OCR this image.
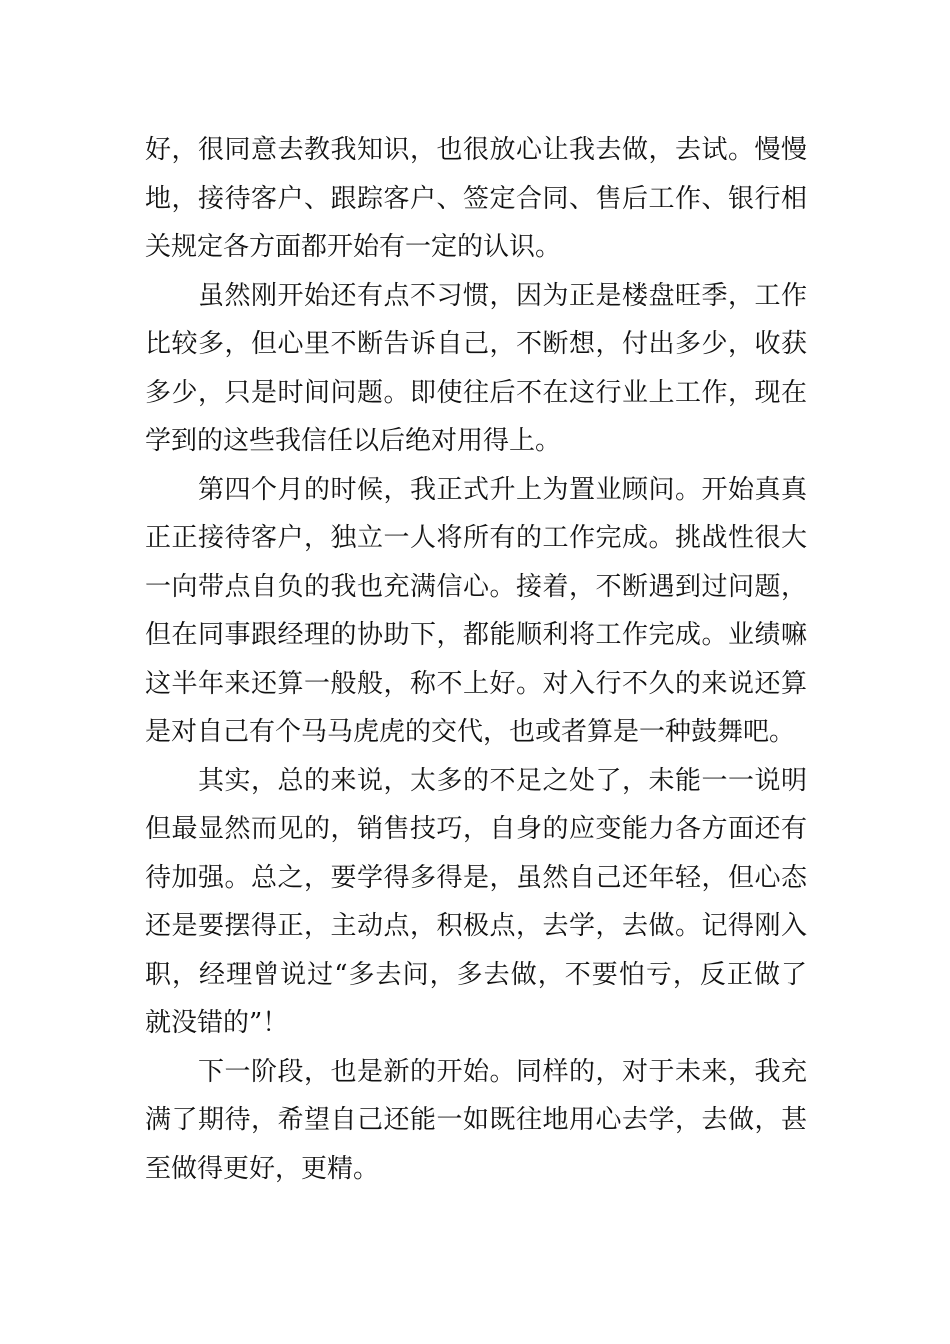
好，很同意去教我知识，也很放心让我去做，去试。慢慢
地，接待客户、跟踪客户、签定合同、售后工作、银行相
关规定各方面都开始有一定的认识。
虽然刚开始还有点不习惯，因为正是楼盘旺季，工作
比较多，但心里不断告诉自己，不断想，付出多少，收获
多少，只是时间问题。即使往后不在这行业上工作，现在
学到的这些我信任以后绝对用得上。
第四个月的时候，我正式升上为置业顾问。开始真真
正正接待客户，独立一人将所有的工作完成。挑战性很大
一向带点自负的我也充满信心。接着，不断遇到过问题，
但在同事跟经理的协助下，都能顺利将工作完成。业绩嘛
这半年来还算一般般，称不上好。对入行不久的来说还算
是对自己有个马马虎虎的交代，也或者算是一种鼓舞吧。
其实，总的来说，太多的不足之处了，未能一一说明
但最显然而见的，销售技巧，自身的应变能力各方面还有
待加强。总之，要学得多得是，虽然自己还年轻，但心态
还是要摆得正，主动点，积极点，去学，去做。记得刚入
职，经理曾说过“多去问，多去做，不要怕亏，反正做了
就没错的”！
下一阶段，也是新的开始。同样的，对于未来，我充
满了期待，希望自己还能一如既往地用心去学，去做，甚
至做得更好，更精。
